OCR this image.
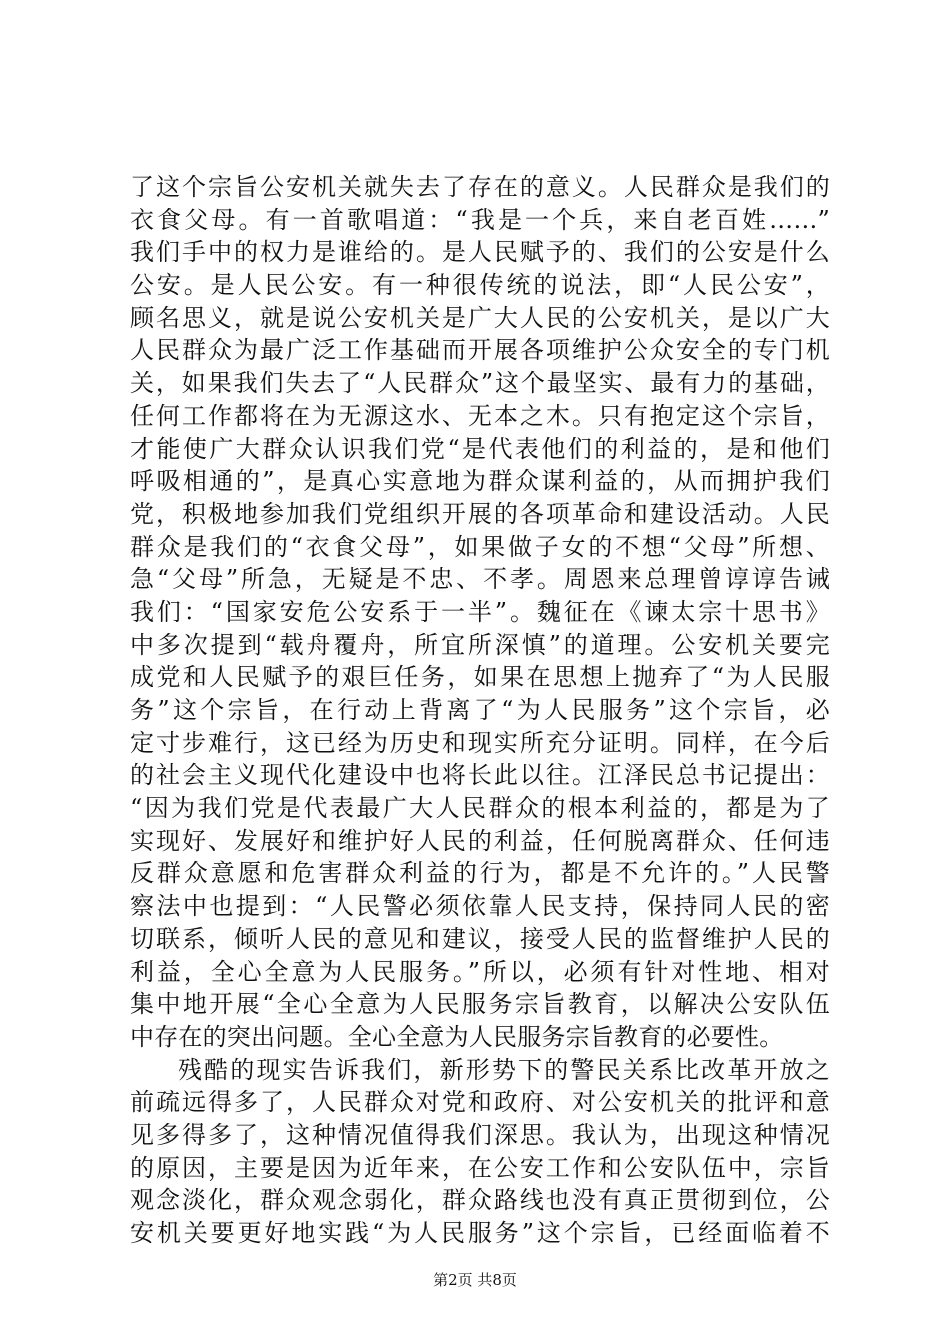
了这个宗旨公安机关就失去了存在的意义。人民群众是我们的
衣食父母。有一首歌唱道：“我是一个兵，来自老百姓……”
我们手中的权力是谁给的。是人民赋予的、我们的公安是什么
公安。是人民公安。有一种很传统的说法，即“人民公安”，
顾名思义，就是说公安机关是广大人民的公安机关，是以广大
人民群众为最广泛工作基础而开展各项维护公众安全的专门机
关，如果我们失去了“人民群众”这个最坚实、最有力的基础，
任何工作都将在为无源这水、无本之木。只有抱定这个宗旨，
才能使广大群众认识我们党“是代表他们的利益的，是和他们
呼吸相通的”，是真心实意地为群众谋利益的，从而拥护我们
党，积极地参加我们党组织开展的各项革命和建设活动。人民
群众是我们的“衣食父母”，如果做子女的不想“父母”所想、
急“父母”所急，无疑是不忠、不孝。周恩来总理曾谆谆告诫
我们：“国家安危公安系于一半”。魏征在《谏太宗十思书》
中多次提到“载舟覆舟，所宜所深慎”的道理。公安机关要完
成党和人民赋予的艰巨任务，如果在思想上抛弃了“为人民服
务”这个宗旨，在行动上背离了“为人民服务”这个宗旨，必
定寸步难行，这已经为历史和现实所充分证明。同样，在今后
的社会主义现代化建设中也将长此以往。江泽民总书记提出：
“因为我们党是代表最广大人民群众的根本利益的，都是为了
实现好、发展好和维护好人民的利益，任何脱离群众、任何违
反群众意愿和危害群众利益的行为，都是不允许的。”人民警
察法中也提到：“人民警必须依靠人民支持，保持同人民的密
切联系，倾听人民的意见和建议，接受人民的监督维护人民的
利益，全心全意为人民服务。”所以，必须有针对性地、相对
集中地开展“全心全意为人民服务宗旨教育，以解决公安队伍
中存在的突出问题。全心全意为人民服务宗旨教育的必要性。
残酷的现实告诉我们，新形势下的警民关系比改革开放之
前疏远得多了，人民群众对党和政府、对公安机关的批评和意
见多得多了，这种情况值得我们深思。我认为，出现这种情况
的原因，主要是因为近年来，在公安工作和公安队伍中，宗旨
观念淡化，群众观念弱化，群众路线也没有真正贯彻到位，公
安机关要更好地实践“为人民服务”这个宗旨，已经面临着不
第2页 共8页
